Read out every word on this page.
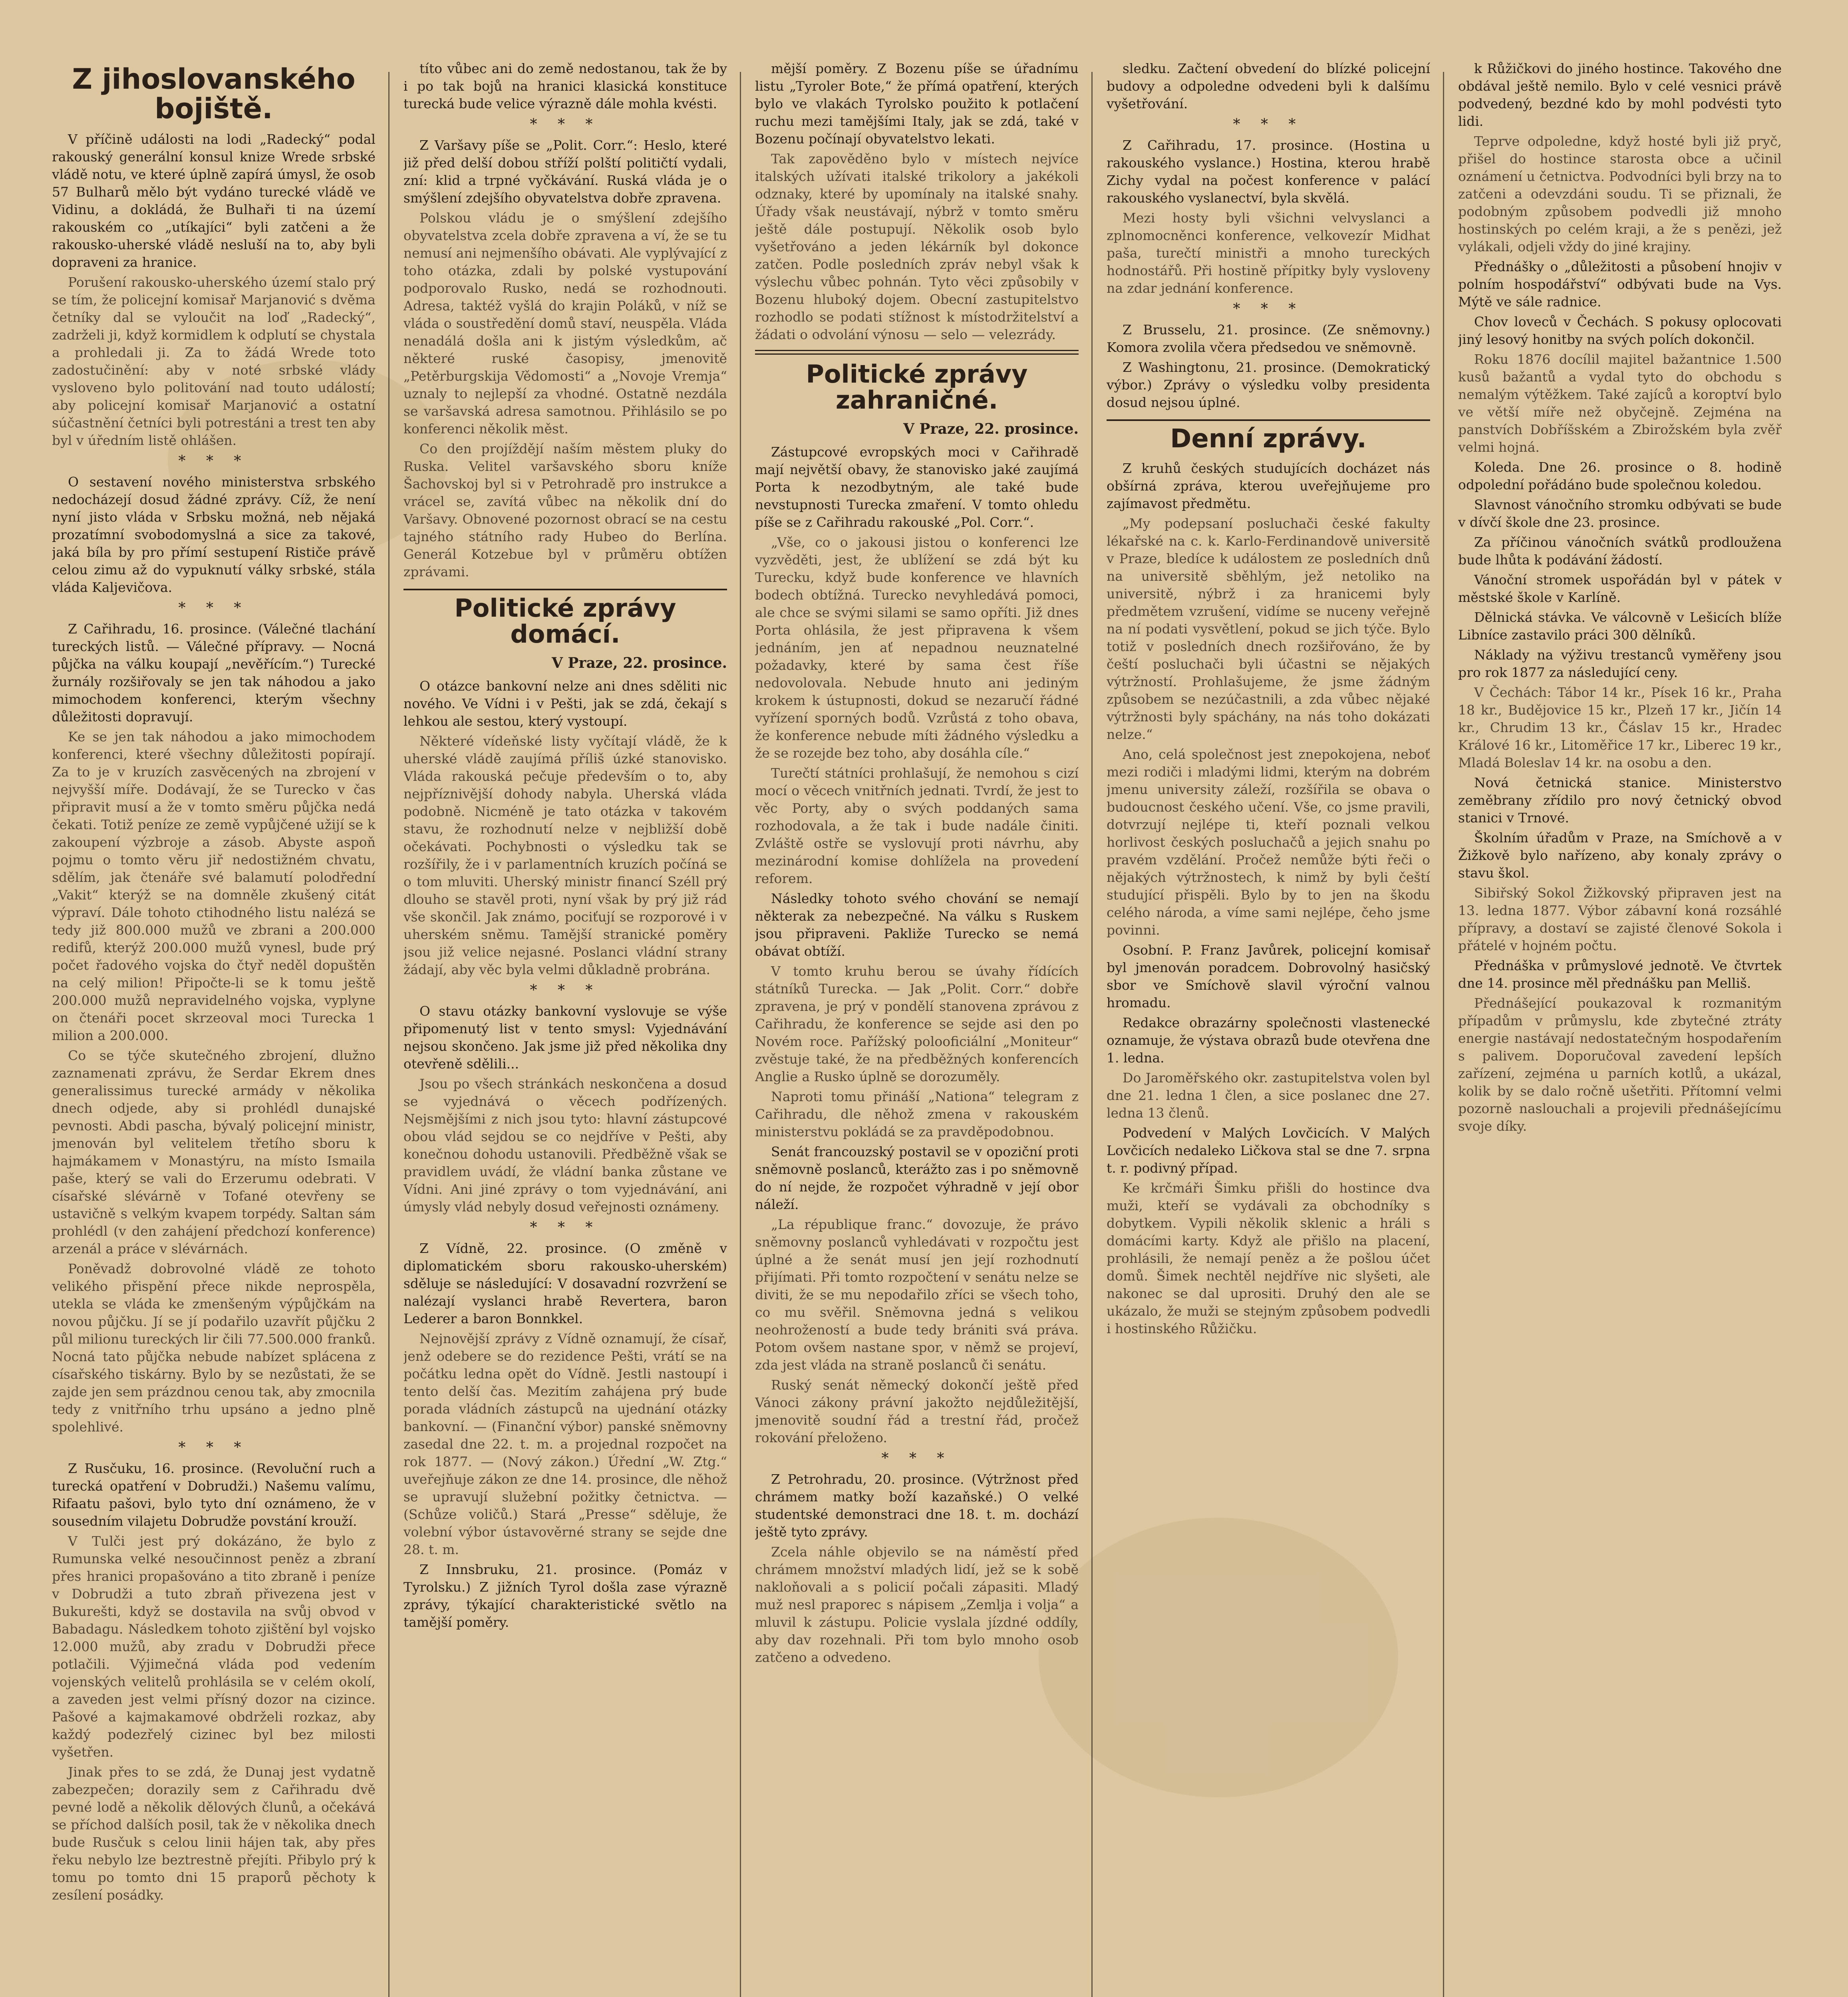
Z jihoslovanského bojiště.

V příčině události na lodi „Radecký“ podal rakouský generální konsul knize Wrede srbské vládě notu, ve které úplně zapírá úmysl, že osob 57 Bulharů mělo být vydáno turecké vládě ve Vidinu, a dokládá, že Bulhaři ti na území rakouském co „utíkajíci“ byli zatčeni a že rakousko-uherské vládě nesluší na to, aby byli dopraveni za hranice.

Porušení rakousko-uherského území stalo prý se tím, že policejní komisař Marjanović s dvěma četníky dal se vyloučit na loď „Radecký“, zadrželi ji, když kormidlem k odplutí se chystala a prohledali ji. Za to žádá Wrede toto zadostučinění: aby v noté srbské vlády vysloveno bylo politování nad touto událostí; aby policejní komisař Marjanović a ostatní súčastnění četníci byli potrestáni a trest ten aby byl v úředním listě ohlášen.

* * *

O sestavení nového ministerstva srbského nedocházejí dosud žádné zprávy. Cíž, že není nyní jisto vláda v Srbsku možná, neb nějaká prozatímní svobodomyslná a sice za takové, jaká bíla by pro přímí sestupení Rističe právě celou zimu až do vypuknutí války srbské, stála vláda Kaljevičova.

* * *

Z Cařihradu, 16. prosince. (Válečné tlachání tureckých listů. — Válečné přípravy. — Nocná půjčka na válku koupají „nevěřícím.“) Turecké žurnály rozšiřovaly se jen tak náhodou a jako mimochodem konferenci, kterým všechny důležitosti dopravují.

Ke se jen tak náhodou a jako mimochodem konferenci, které všechny důležitosti popírají. Za to je v kruzích zasvěcených na zbrojení v nejvyšší míře. Dodávají, že se Turecko v čas připravit musí a že v tomto směru půjčka nedá čekati. Totiž peníze ze země vypůjčené užijí se k zakoupení výzbroje a zásob. Abyste aspoň pojmu o tomto věru jiř nedostižném chvatu, sdělím, jak čtenáře své balamutí polodřední „Vakit“ kterýž se na domněle zkušený citát výpraví. Dále tohoto ctihodného listu nalézá se tedy již 800.000 mužů ve zbrani a 200.000 redifů, kterýž 200.000 mužů vynesl, bude prý počet řadového vojska do čtyř neděl dopuštěn na celý milion! Připočte-li se k tomu ještě 200.000 mužů nepravidelného vojska, vyplyne on čtenáři pocet skrzeoval moci Turecka 1 milion a 200.000.

Co se týče skutečného zbrojení, dlužno zaznamenati zprávu, že Serdar Ekrem dnes generalissimus turecké armády v několika dnech odjede, aby si prohlédl dunajské pevnosti. Abdi pascha, bývalý policejní ministr, jmenován byl velitelem třetího sboru k hajmákamem v Monastýru, na místo Ismaila paše, který se vali do Erzerumu odebrati. V císařské slévárně v Tofané otevřeny se ustavičně s velkým kvapem torpédy. Saltan sám prohlédl (v den zahájení předchozí konference) arzenál a práce v slévárnách.

Poněvadž dobrovolné vládě ze tohoto velikého přispění přece nikde neprospěla, utekla se vláda ke zmenšeným výpůjčkám na novou půjčku. Jí se jí podařilo uzavřít půjčku 2 půl milionu tureckých lir čili 77.500.000 franků. Nocná tato půjčka nebude nabízet splácena z císařského tiskárny. Bylo by se nezůstati, že se zajde jen sem prázdnou cenou tak, aby zmocnila tedy z vnitřního trhu upsáno a jedno plně spolehlivé.

* * *

Z Rusčuku, 16. prosince. (Revoluční ruch a turecká opatření v Dobrudži.) Našemu valímu, Rifaatu pašovi, bylo tyto dní oznámeno, že v sousedním vilajetu Dobrudže povstání krouží.

V Tulči jest prý dokázáno, že bylo z Rumunska velké nesoučinnost peněz a zbraní přes hranici propašováno a tito zbraně i peníze v Dobrudži a tuto zbraň přivezena jest v Bukurešti, když se dostavila na svůj obvod v Babadagu. Následkem tohoto zjištění byl vojsko 12.000 mužů, aby zradu v Dobrudži přece potlačili. Výjimečná vláda pod vedením vojenských velitelů prohlásila se v celém okolí, a zaveden jest velmi přísný dozor na cizince. Pašové a kajmakamové obdrželi rozkaz, aby každý podezřelý cizinec byl bez milosti vyšetřen.

Jinak přes to se zdá, že Dunaj jest vydatně zabezpečen; dorazily sem z Cařihradu dvě pevné lodě a několik dělových člunů, a očekává se příchod dalších posil, tak že v několika dnech bude Rusčuk s celou linii hájen tak, aby přes řeku nebylo lze beztrestně přejíti. Přibylo prý k tomu po tomto dni 15 praporů pěchoty k zesílení posádky.

títo vůbec ani do země nedostanou, tak že by i po tak bojů na hranici klasická konstituce turecká bude velice výrazně dále mohla kvésti.

* * *

Z Varšavy píše se „Polit. Corr.“: Heslo, které již před delší dobou stříží polští političtí vydali, zní: klid a trpné vyčkávání. Ruská vláda je o smýšlení zdejšího obyvatelstva dobře zpravena.

Polskou vládu je o smýšlení zdejšího obyvatelstva zcela dobře zpravena a ví, že se tu nemusí ani nejmenšího obávati. Ale vyplývající z toho otázka, zdali by polské vystupování podporovalo Rusko, nedá se rozhodnouti. Adresa, taktéž vyšlá do krajin Poláků, v níž se vláda o soustředění domů staví, neuspěla. Vláda nenadálá došla ani k jistým výsledkům, ač některé ruské časopisy, jmenovitě „Petěrburgskija Vědomosti“ a „Novoje Vremja“ uznaly to nejlepší za vhodné. Ostatně nezdála se varšavská adresa samotnou. Přihlásilo se po konferenci několik měst.

Co den projíždějí naším městem pluky do Ruska. Velitel varšavského sboru kníže Šachovskoj byl si v Petrohradě pro instrukce a vrácel se, zavítá vůbec na několik dní do Varšavy. Obnovené pozornost obrací se na cestu tajného státního rady Hubeo do Berlína. Generál Kotzebue byl v průměru obtížen zprávami.

Politické zprávy domácí.
V Praze, 22. prosince.

O otázce bankovní nelze ani dnes sděliti nic nového. Ve Vídni i v Pešti, jak se zdá, čekají s lehkou ale sestou, který vystoupí.

Některé vídeňské listy vyčítají vládě, že k uherské vládě zaujímá příliš úzké stanovisko. Vláda rakouská pečuje především o to, aby nejpříznivější dohody nabyla. Uherská vláda podobně. Nicméně je tato otázka v takovém stavu, že rozhodnutí nelze v nejbližší době očekávati. Pochybnosti o výsledku tak se rozšířily, že i v parlamentních kruzích počíná se o tom mluviti. Uherský ministr financí Széll prý dlouho se stavěl proti, nyní však by prý již rád vše skončil. Jak známo, pociťují se rozporové i v uherském sněmu. Tamější stranické poměry jsou již velice nejasné. Poslanci vládní strany žádají, aby věc byla velmi důkladně probrána.

* * *

O stavu otázky bankovní vyslovuje se výše připomenutý list v tento smysl: Vyjednávání nejsou skončeno. Jak jsme již před několika dny otevřeně sdělili...

Jsou po všech stránkách neskončena a dosud se vyjednává o věcech podřízených. Nejsmějšími z nich jsou tyto: hlavní zástupcové obou vlád sejdou se co nejdříve v Pešti, aby konečnou dohodu ustanovili. Předběžně však se pravidlem uvádí, že vládní banka zůstane ve Vídni. Ani jiné zprávy o tom vyjednávání, ani úmysly vlád nebyly dosud veřejnosti oznámeny.

* * *

Z Vídně, 22. prosince. (O změně v diplomatickém sboru rakousko-uherském) sděluje se následující: V dosavadní rozvržení se nalézají vyslanci hrabě Revertera, baron Lederer a baron Bonnkkel.

Nejnovější zprávy z Vídně oznamují, že císař, jenž odebere se do rezidence Pešti, vrátí se na počátku ledna opět do Vídně. Jestli nastoupí i tento delší čas. Mezitím zahájena prý bude porada vládních zástupců na ujednání otázky bankovní. — (Finanční výbor) panské sněmovny zasedal dne 22. t. m. a projednal rozpočet na rok 1877. — (Nový zákon.) Úřední „W. Ztg.“ uveřejňuje zákon ze dne 14. prosince, dle něhož se upravují služební požitky četnictva. — (Schůze voličů.) Stará „Presse“ sděluje, že volební výbor ústavověrné strany se sejde dne 28. t. m.

Z Innsbruku, 21. prosince. (Pomáz v Tyrolsku.) Z jižních Tyrol došla zase výrazně zprávy, týkající charakteristické světlo na tamější poměry.

mější poměry. Z Bozenu píše se úřadnímu listu „Tyroler Bote,“ že přímá opatření, kterých bylo ve vlakách Tyrolsko použito k potlačení ruchu mezi tamějšími Italy, jak se zdá, také v Bozenu počínají obyvatelstvo lekati.

Tak zapověděno bylo v místech nejvíce italských užívati italské trikolory a jakékoli odznaky, které by upomínaly na italské snahy. Úřady však neustávají, nýbrž v tomto směru ještě dále postupují. Několik osob bylo vyšetřováno a jeden lékárník byl dokonce zatčen. Podle posledních zpráv nebyl však k výslechu vůbec pohnán. Tyto věci způsobily v Bozenu hluboký dojem. Obecní zastupitelstvo rozhodlo se podati stížnost k místodržitelství a žádati o odvolání výnosu — selo — velezrády.

Politické zprávy zahraničné.
V Praze, 22. prosince.

Zástupcové evropských moci v Cařihradě mají největší obavy, že stanovisko jaké zaujímá Porta k nezodbytným, ale také bude nevstupnosti Turecka zmaření. V tomto ohledu píše se z Cařihradu rakouské „Pol. Corr.“.

„Vše, co o jakousi jistou o konferenci lze vyzvěděti, jest, že ublížení se zdá být ku Turecku, když bude konference ve hlavních bodech obtížná. Turecko nevyhledává pomoci, ale chce se svými silami se samo opříti. Již dnes Porta ohlásila, že jest připravena k všem jednáním, jen ať nepadnou neuznatelné požadavky, které by sama čest říše nedovolovala. Nebude hnuto ani jediným krokem k ústupnosti, dokud se nezaručí řádné vyřízení sporných bodů. Vzrůstá z toho obava, že konference nebude míti žádného výsledku a že se rozejde bez toho, aby dosáhla cíle.“

Turečtí státníci prohlašují, že nemohou s cizí mocí o věcech vnitřních jednati. Tvrdí, že jest to věc Porty, aby o svých poddaných sama rozhodovala, a že tak i bude nadále činiti. Zvláště ostře se vyslovují proti návrhu, aby mezinárodní komise dohlížela na provedení reforem.

Následky tohoto svého chování se nemají některak za nebezpečné. Na válku s Ruskem jsou připraveni. Pakliže Turecko se nemá obávat obtíží.

V tomto kruhu berou se úvahy řídících státníků Turecka. — Jak „Polit. Corr.“ dobře zpravena, je prý v pondělí stanovena zprávou z Cařihradu, že konference se sejde asi den po Novém roce. Pařížský polooficiální „Moniteur“ zvěstuje také, že na předběžných konferencích Anglie a Rusko úplně se dorozuměly.

Naproti tomu přináší „Nationa“ telegram z Cařihradu, dle něhož zmena v rakouském ministerstvu pokládá se za pravděpodobnou.

Senát francouzský postavil se v opoziční proti sněmovně poslanců, kterážto zas i po sněmovně do ní nejde, že rozpočet výhradně v její obor náleží.

„La république franc.“ dovozuje, že právo sněmovny poslanců vyhledávati v rozpočtu jest úplné a že senát musí jen její rozhodnutí přijímati. Při tomto rozpočtení v senátu nelze se diviti, že se mu nepodařilo zříci se všech toho, co mu svěřil. Sněmovna jedná s velikou neohrožeností a bude tedy brániti svá práva. Potom ovšem nastane spor, v němž se projeví, zda jest vláda na straně poslanců či senátu.

Ruský senát německý dokončí ještě před Vánoci zákony právní jakožto nejdůležitější, jmenovitě soudní řád a trestní řád, pročež rokování přeloženo.

* * *

Z Petrohradu, 20. prosince. (Výtržnost před chrámem matky boží kazaňské.) O velké studentské demonstraci dne 18. t. m. dochází ještě tyto zprávy.

Zcela náhle objevilo se na náměstí před chrámem množství mladých lidí, jež se k sobě nakloňovali a s policií počali zápasiti. Mladý muž nesl praporec s nápisem „Zemlja i volja“ a mluvil k zástupu. Policie vyslala jízdné oddíly, aby dav rozehnali. Při tom bylo mnoho osob zatčeno a odvedeno.

sledku. Začtení obvedení do blízké policejní budovy a odpoledne odvedeni byli k dalšímu vyšetřování.

* * *

Z Cařihradu, 17. prosince. (Hostina u rakouského vyslance.) Hostina, kterou hrabě Zichy vydal na počest konference v palácí rakouského vyslanectví, byla skvělá.

Mezi hosty byli všichni velvyslanci a zplnomocněnci konference, velkovezír Midhat paša, turečtí ministři a mnoho tureckých hodnostářů. Při hostině přípitky byly vysloveny na zdar jednání konference.

* * *

Z Brusselu, 21. prosince. (Ze sněmovny.) Komora zvolila včera předsedou ve sněmovně.

Z Washingtonu, 21. prosince. (Demokratický výbor.) Zprávy o výsledku volby presidenta dosud nejsou úplné.

Denní zprávy.

Z kruhů českých studujících docházet nás obšírná zpráva, kterou uveřejňujeme pro zajímavost předmětu.

„My podepsaní posluchači české fakulty lékařské na c. k. Karlo-Ferdinandově universitě v Praze, bledíce k událostem ze posledních dnů na universitě sběhlým, jež netoliko na universitě, nýbrž i za hranicemi byly předmětem vzrušení, vidíme se nuceny veřejně na ní podati vysvětlení, pokud se jich týče. Bylo totiž v posledních dnech rozšiřováno, že by čeští posluchači byli účastni se nějakých výtržností. Prohlašujeme, že jsme žádným způsobem se nezúčastnili, a zda vůbec nějaké výtržnosti byly spáchány, na nás toho dokázati nelze.“

Ano, celá společnost jest znepokojena, neboť mezi rodiči i mladými lidmi, kterým na dobrém jmenu university záleží, rozšířila se obava o budoucnost českého učení. Vše, co jsme pravili, dotvrzují nejlépe ti, kteří poznali velkou horlivost českých posluchačů a jejich snahu po pravém vzdělání. Pročež nemůže býti řeči o nějakých výtržnostech, k nimž by byli čeští studující přispěli. Bylo by to jen na škodu celého národa, a víme sami nejlépe, čeho jsme povinni.

Osobní. P. Franz Javůrek, policejní komisař byl jmenován poradcem. Dobrovolný hasičský sbor ve Smíchově slavil výroční valnou hromadu.

Redakce obrazárny společnosti vlastenecké oznamuje, že výstava obrazů bude otevřena dne 1. ledna.

Do Jaroměřského okr. zastupitelstva volen byl dne 21. ledna 1 člen, a sice poslanec dne 27. ledna 13 členů.

Podvedení v Malých Lovčicích. V Malých Lovčicích nedaleko Ličkova stal se dne 7. srpna t. r. podivný případ.

Ke krčmáři Šimku přišli do hostince dva muži, kteří se vydávali za obchodníky s dobytkem. Vypili několik sklenic a hráli s domácími karty. Když ale přišlo na placení, prohlásili, že nemají peněz a že pošlou účet domů. Šimek nechtěl nejdříve nic slyšeti, ale nakonec se dal uprositi. Druhý den ale se ukázalo, že muži se stejným způsobem podvedli i hostinského Růžičku.

k Růžičkovi do jiného hostince. Takového dne obdával ještě nemilo. Bylo v celé vesnici právě podvedený, bezdné kdo by mohl podvésti tyto lidi.

Teprve odpoledne, když hosté byli již pryč, přišel do hostince starosta obce a učinil oznámení u četnictva. Podvodníci byli brzy na to zatčeni a odevzdáni soudu. Ti se přiznali, že podobným způsobem podvedli již mnoho hostinských po celém kraji, a že s penězi, jež vylákali, odjeli vždy do jiné krajiny.

Přednášky o „důležitosti a působení hnojiv v polním hospodářství“ odbývati bude na Vys. Mýtě ve sále radnice.

Chov loveců v Čechách. S pokusy oplocovati jiný lesový honitby na svých polích dokončil.

Roku 1876 docílil majitel bažantnice 1.500 kusů bažantů a vydal tyto do obchodu s nemalým výtěžkem. Také zajíců a koroptví bylo ve větší míře než obyčejně. Zejména na panstvích Dobříšském a Zbirožském byla zvěř velmi hojná.

Koleda. Dne 26. prosince o 8. hodině odpolední pořádáno bude společnou koledou.

Slavnost vánočního stromku odbývati se bude v dívčí škole dne 23. prosince.

Za příčinou vánočních svátků prodloužena bude lhůta k podávání žádostí.

Vánoční stromek uspořádán byl v pátek v městské škole v Karlíně.

Dělnická stávka. Ve válcovně v Lešicích blíže Libníce zastavilo práci 300 dělníků.

Náklady na výživu trestanců vyměřeny jsou pro rok 1877 za následující ceny.

V Čechách: Tábor 14 kr., Písek 16 kr., Praha 18 kr., Budějovice 15 kr., Plzeň 17 kr., Jičín 14 kr., Chrudim 13 kr., Čáslav 15 kr., Hradec Králové 16 kr., Litoměřice 17 kr., Liberec 19 kr., Mladá Boleslav 14 kr. na osobu a den.

Nová četnická stanice. Ministerstvo zeměbrany zřídilo pro nový četnický obvod stanici v Trnové.

Školním úřadům v Praze, na Smíchově a v Žižkově bylo nařízeno, aby konaly zprávy o stavu škol.

Sibiřský Sokol Žižkovský připraven jest na 13. ledna 1877. Výbor zábavní koná rozsáhlé přípravy, a dostaví se zajisté členové Sokola i přátelé v hojném počtu.

Přednáška v průmyslové jednotě. Ve čtvrtek dne 14. prosince měl přednášku pan Melliš.

Přednášející poukazoval k rozmanitým případům v průmyslu, kde zbytečné ztráty energie nastávají nedostatečným hospodařením s palivem. Doporučoval zavedení lepších zařízení, zejména u parních kotlů, a ukázal, kolik by se dalo ročně ušetřiti. Přítomní velmi pozorně naslouchali a projevili přednášejícímu svoje díky.
